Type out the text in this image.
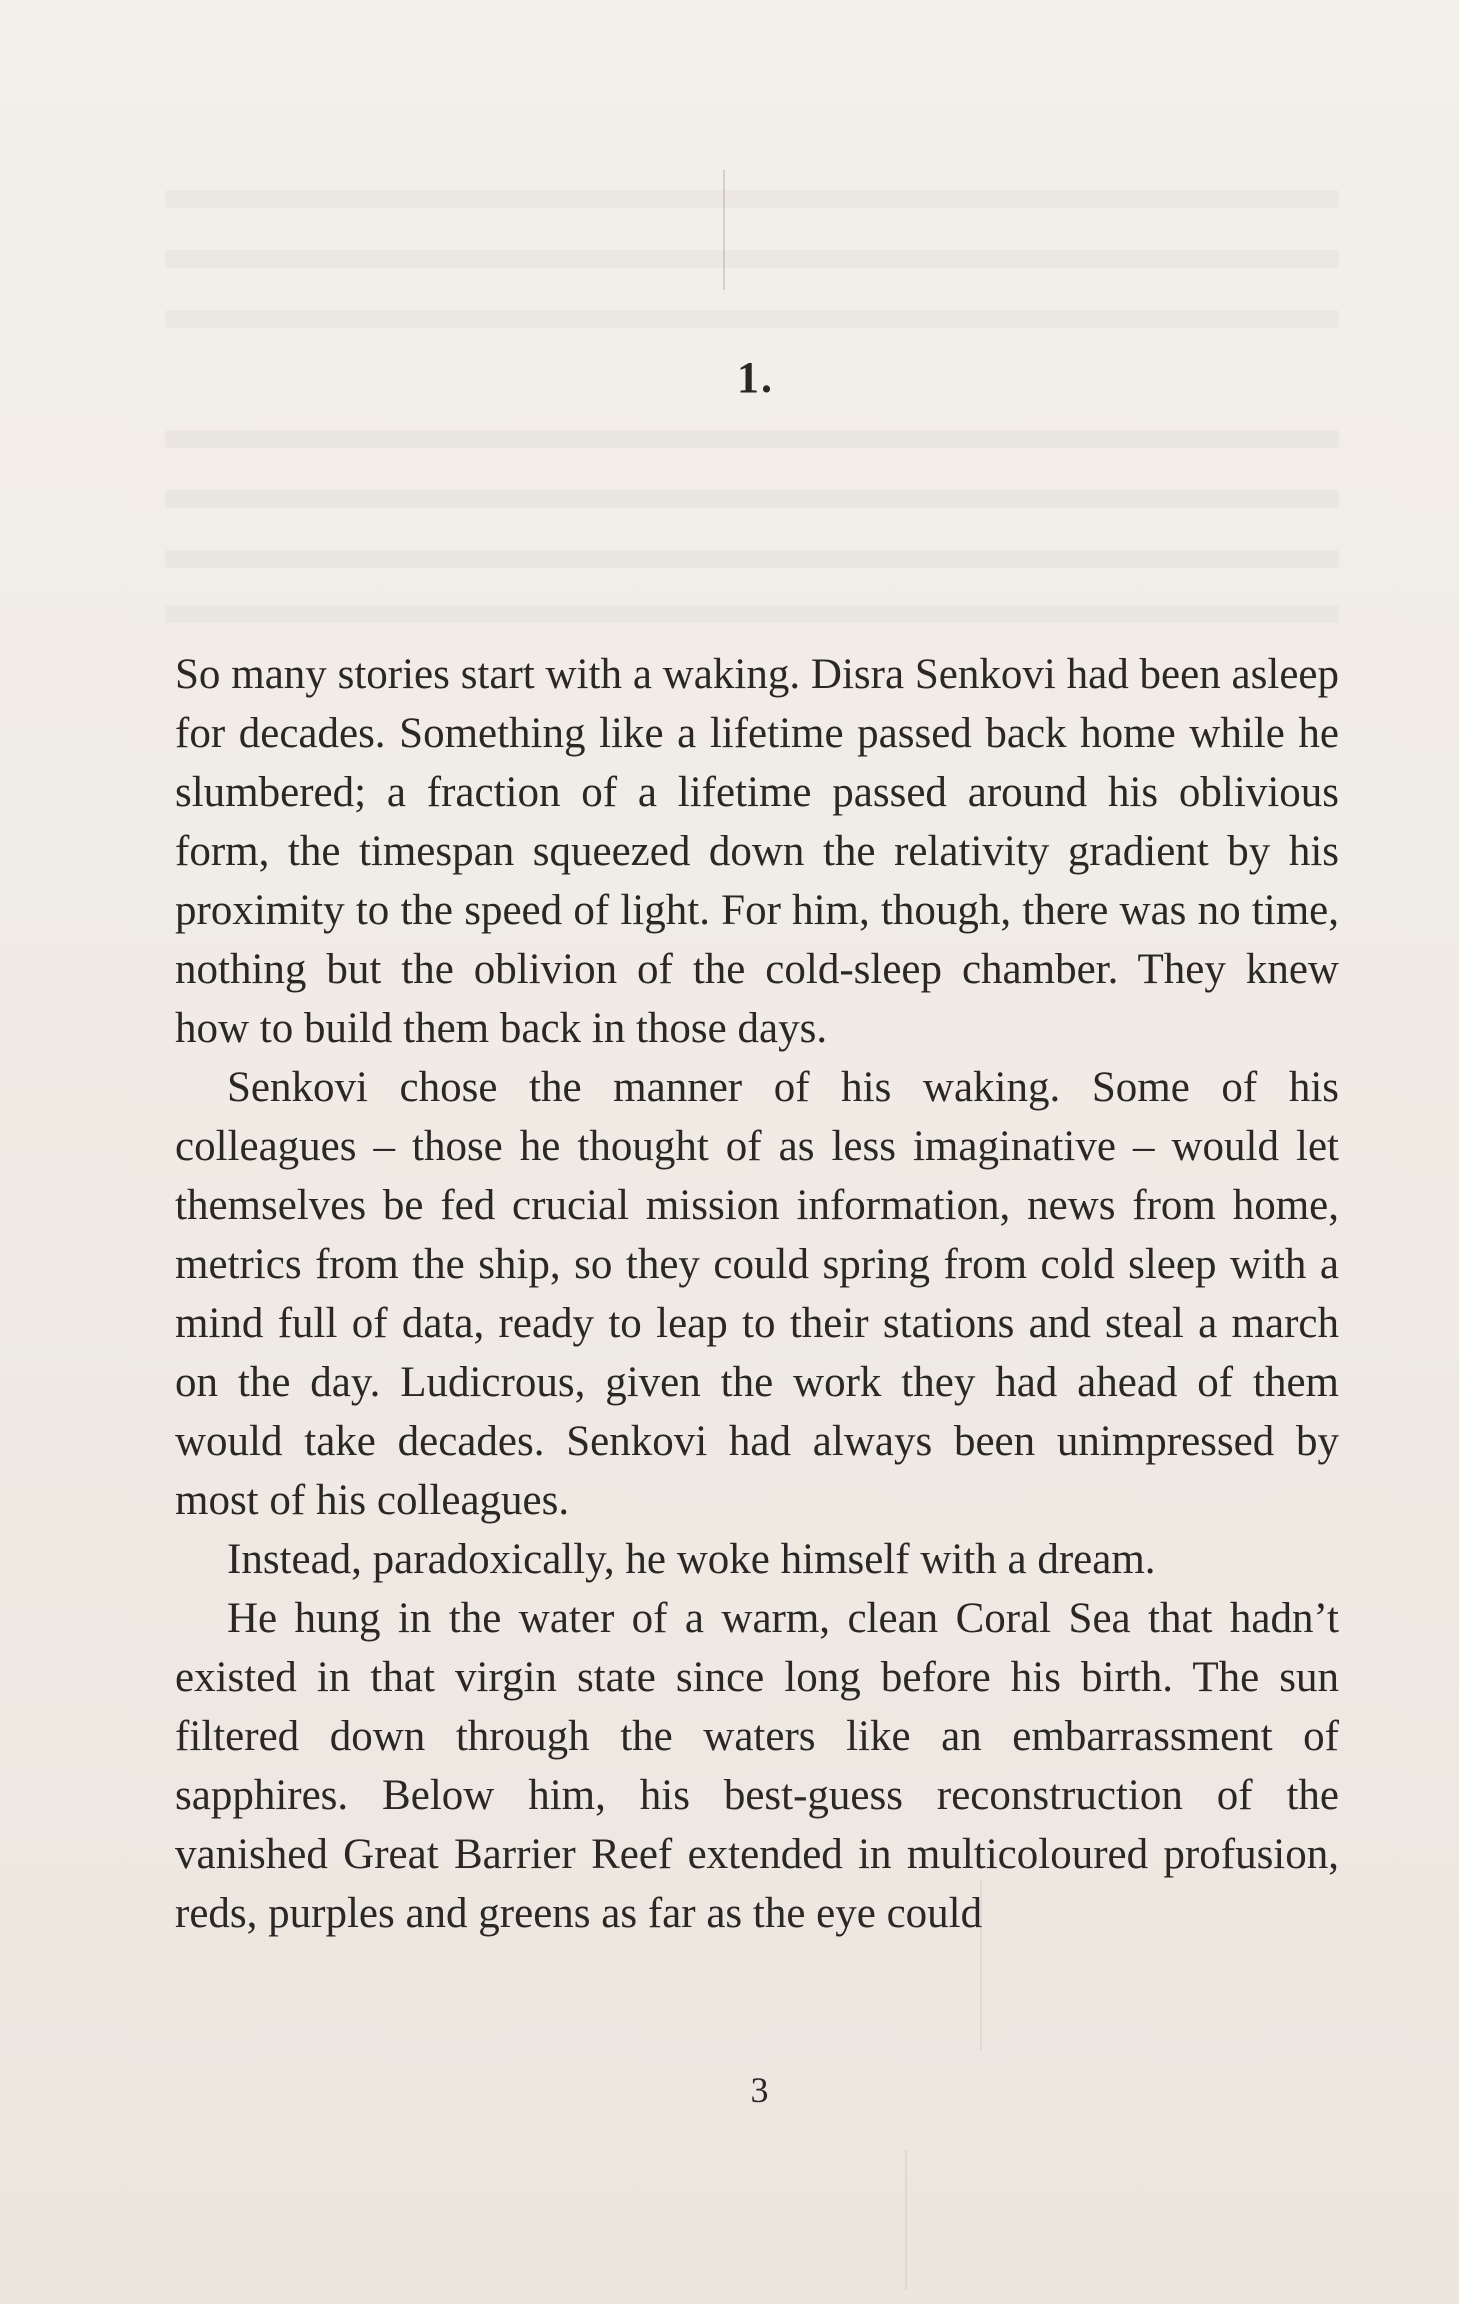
1.

So many stories start with a waking. Disra Senkovi had been asleep for decades. Something like a lifetime passed back home while he slumbered; a fraction of a lifetime passed around his oblivious form, the timespan squeezed down the relativity gradient by his proximity to the speed of light. For him, though, there was no time, nothing but the oblivion of the cold-sleep chamber. They knew how to build them back in those days.

Senkovi chose the manner of his waking. Some of his colleagues – those he thought of as less imaginative – would let themselves be fed crucial mission information, news from home, metrics from the ship, so they could spring from cold sleep with a mind full of data, ready to leap to their stations and steal a march on the day. Ludicrous, given the work they had ahead of them would take decades. Senkovi had always been unimpressed by most of his colleagues.

Instead, paradoxically, he woke himself with a dream.

He hung in the water of a warm, clean Coral Sea that hadn’t existed in that virgin state since long before his birth. The sun filtered down through the waters like an embarrassment of sapphires. Below him, his best-guess reconstruction of the vanished Great Barrier Reef extended in multicoloured profusion, reds, purples and greens as far as the eye could

3
